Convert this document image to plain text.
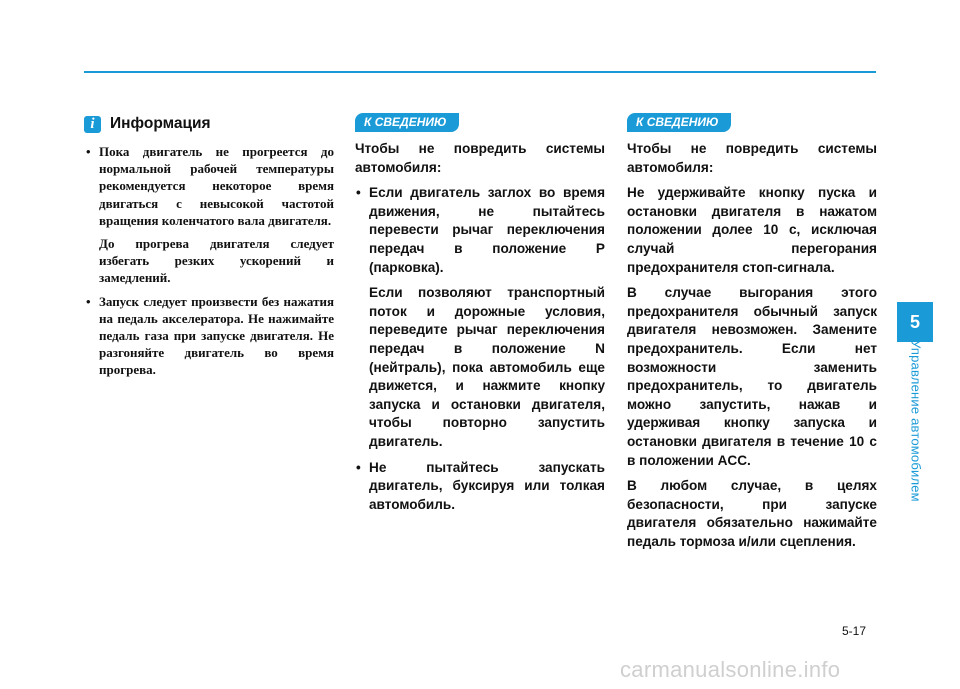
i Информация
• Пока двигатель не прогреется до нормальной рабочей температуры рекомендуется некоторое время двигаться с невысокой частотой вращения коленчатого вала двигателя.
До прогрева двигателя следует избегать резких ускорений и замедлений.
• Запуск следует произвести без нажатия на педаль акселератора. Не нажимайте педаль газа при запуске двигателя. Не разгоняйте двигатель во время прогрева.
К СВЕДЕНИЮ

Чтобы не повредить системы автомобиля:

• Если двигатель заглох во время движения, не пытайтесь перевести рычаг переключения передач в положение P (парковка).
Если позволяют транспортный поток и дорожные условия, переведите рычаг переключения передач в положение N (нейтраль), пока автомобиль еще движется, и нажмите кнопку запуска и остановки двигателя, чтобы повторно запустить двигатель.
• Не пытайтесь запускать двигатель, буксируя или толкая автомобиль.
К СВЕДЕНИЮ

Чтобы не повредить системы автомобиля:

Не удерживайте кнопку пуска и остановки двигателя в нажатом положении долее 10 с, исключая случай перегорания предохранителя стоп-сигнала.

В случае выгорания этого предохранителя обычный запуск двигателя невозможен. Замените предохранитель. Если нет возможности заменить предохранитель, то двигатель можно запустить, нажав и удерживая кнопку запуска и остановки двигателя в течение 10 с в положении ACC.

В любом случае, в целях безопасности, при запуске двигателя обязательно нажимайте педаль тормоза и/или сцепления.

5
Управление автомобилем
5-17
carmanualsonline.info
